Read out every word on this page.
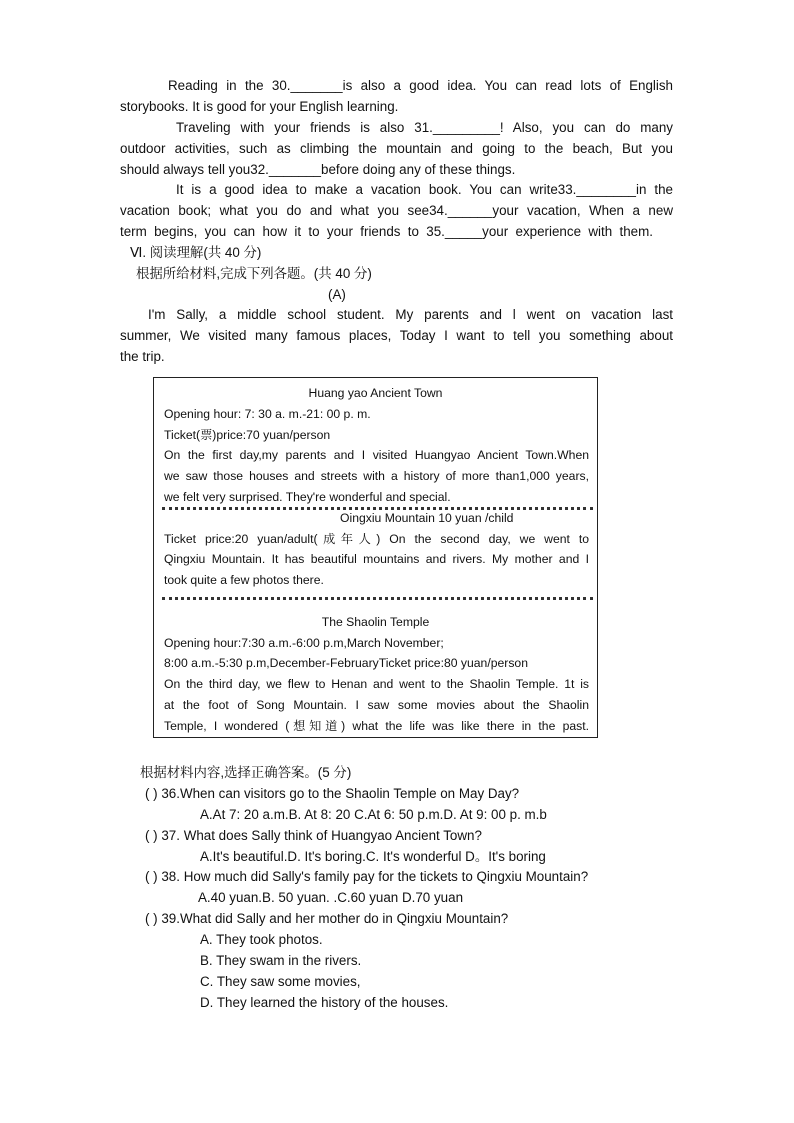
Reading in the 30._______is also a good idea. You can read lots of English
storybooks. It is good for your English learning.
Traveling with your friends is also 31._________! Also, you can do many
outdoor activities, such as climbing the mountain and going to the beach, But you
should always tell you32._______before doing any of these things.
It is a good idea to make a vacation book. You can write33.________in the
vacation book; what you do and what you see34.______your vacation, When a new
term begins, you can how it to your friends to 35._____your experience with them.
Ⅵ. 阅读理解(共 40 分)
根据所给材料,完成下列各题。(共 40 分)
(A)
I'm Sally, a middle school student. My parents and l went on vacation last
summer, We visited many famous places, Today I want to tell you something about
the trip.
Huang yao Ancient Town
Opening hour: 7: 30 a. m.-21: 00 p. m.
Ticket(票)price:70 yuan/person
On the first day,my parents and I visited Huangyao Ancient Town.When
we saw those houses and streets with a history of more than1,000 years,
we felt very surprised. They're wonderful and special.
Oingxiu Mountain 10 yuan /child
Ticket price:20 yuan/adult(成年人) On the second day, we went to
Qingxiu Mountain. It has beautiful mountains and rivers. My mother and I
took quite a few photos there.
The Shaolin Temple
Opening hour:7:30 a.m.-6:00 p.m,March November;
8:00 a.m.-5:30 p.m,December-FebruaryTicket price:80 yuan/person
On the third day, we flew to Henan and went to the Shaolin Temple. 1t is
at the foot of Song Mountain. I saw some movies about the Shaolin
Temple, I wondered (想知道) what the life was like there in the past.
根据材料内容,选择正确答案。(5 分)
( ) 36.When can visitors go to the Shaolin Temple on May Day?
A.At 7: 20 a.m.B. At 8: 20 C.At 6: 50 p.m.D. At 9: 00 p. m.b
( ) 37. What does Sally think of Huangyao Ancient Town?
A.It's beautiful.D. It's boring.C. It's wonderful D。It's boring
( ) 38. How much did Sally's family pay for the tickets to Qingxiu Mountain?
A.40 yuan.B. 50 yuan. .C.60 yuan D.70 yuan
( ) 39.What did Sally and her mother do in Qingxiu Mountain?
A. They took photos.
B. They swam in the rivers.
C. They saw some movies,
D. They learned the history of the houses.
